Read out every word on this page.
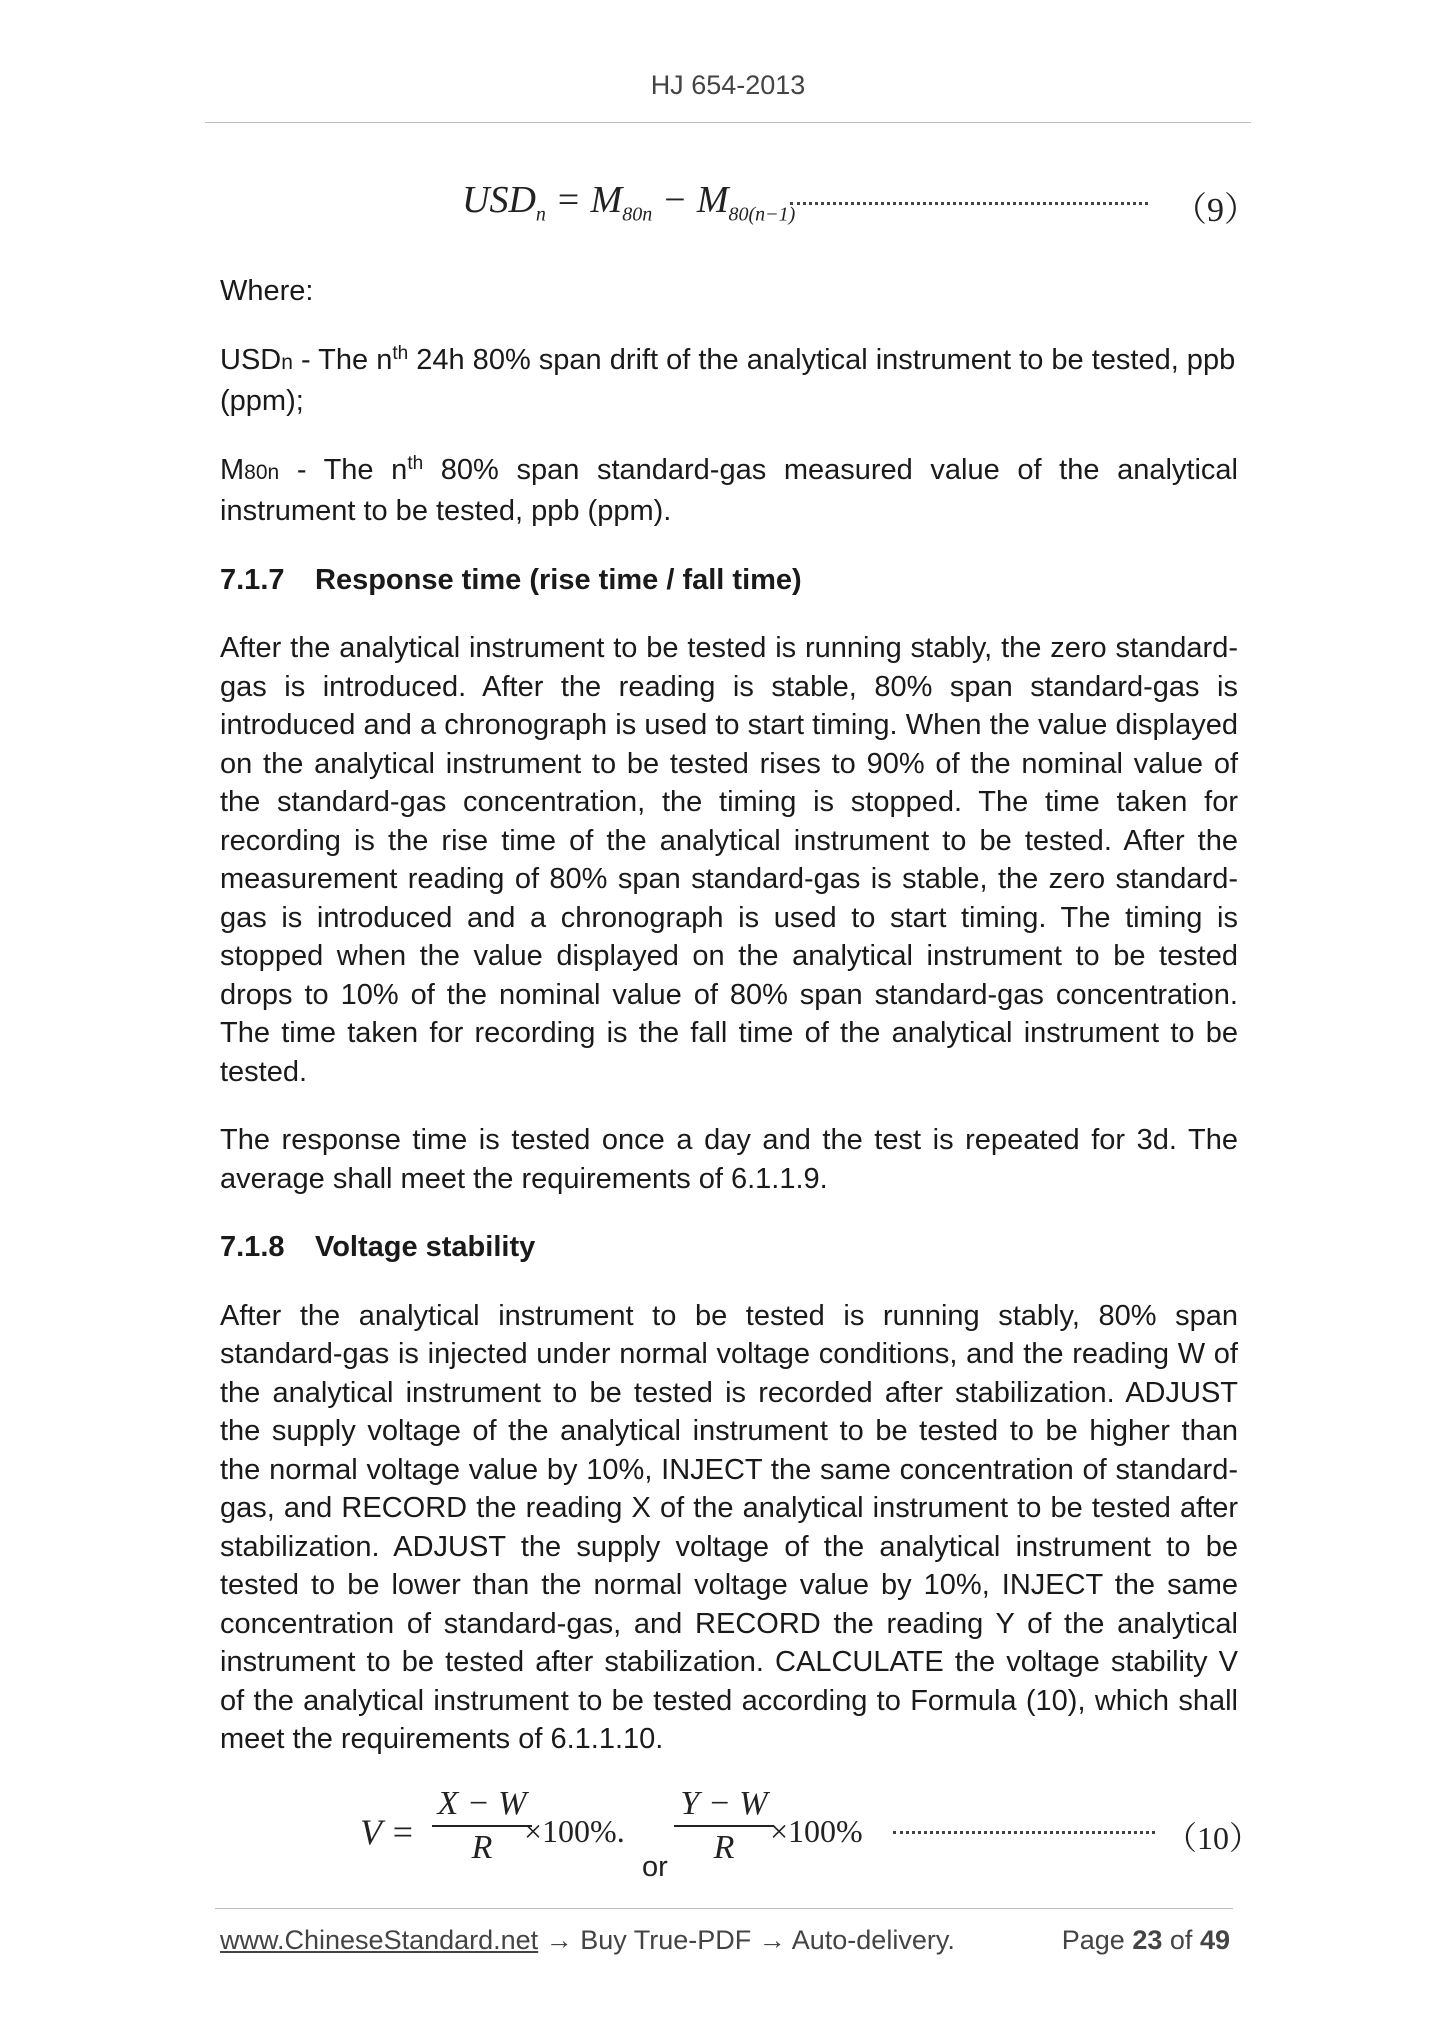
HJ 654-2013
$USD_n = M_{80n} - M_{80(n-1)}$	（9）

Where:

USDn - The $n^{th}$ 24h 80% span drift of the analytical instrument to be tested, ppb (ppm);

M80n - The $n^{th}$ 80% span standard-gas measured value of the analytical instrument to be tested, ppb (ppm).

7.1.7 Response time (rise time / fall time)

After the analytical instrument to be tested is running stably, the zero standard-gas is introduced. After the reading is stable, 80% span standard-gas is introduced and a chronograph is used to start timing. When the value displayed on the analytical instrument to be tested rises to 90% of the nominal value of the standard-gas concentration, the timing is stopped. The time taken for recording is the rise time of the analytical instrument to be tested. After the measurement reading of 80% span standard-gas is stable, the zero standard-gas is introduced and a chronograph is used to start timing. The timing is stopped when the value displayed on the analytical instrument to be tested drops to 10% of the nominal value of 80% span standard-gas concentration. The time taken for recording is the fall time of the analytical instrument to be tested.

The response time is tested once a day and the test is repeated for 3d. The average shall meet the requirements of 6.1.1.9.

7.1.8 Voltage stability

After the analytical instrument to be tested is running stably, 80% span standard-gas is injected under normal voltage conditions, and the reading W of the analytical instrument to be tested is recorded after stabilization. ADJUST the supply voltage of the analytical instrument to be tested to be higher than the normal voltage value by 10%, INJECT the same concentration of standard-gas, and RECORD the reading X of the analytical instrument to be tested after stabilization. ADJUST the supply voltage of the analytical instrument to be tested to be lower than the normal voltage value by 10%, INJECT the same concentration of standard-gas, and RECORD the reading Y of the analytical instrument to be tested after stabilization. CALCULATE the voltage stability V of the analytical instrument to be tested according to Formula (10), which shall meet the requirements of 6.1.1.10.

V =
X − W
R ×100%.
or
Y − W
R	×100%	（10）
www.ChineseStandard.net → Buy True-PDF → Auto-delivery.	Page 23 of 49
